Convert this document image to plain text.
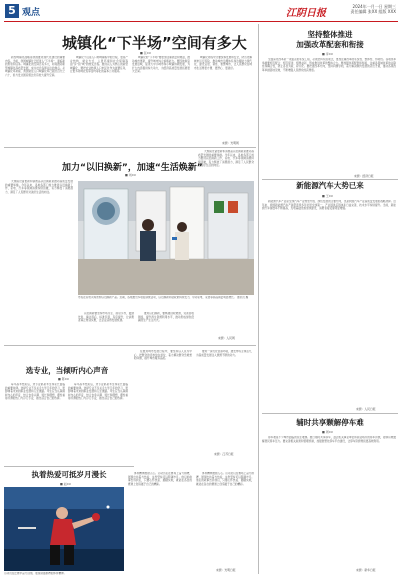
5 观点	江阴日报
2024年一月一日 星期三
责任编辑 张XX 组版 XXX
城镇化“下半场”空间有多大
■ 张XX

新型城镇化战略是我国推进现代化建设的重要内容。当前，我国城镇化已经进入“下半场”，面临新的形势和任务。城镇化的空间还有多大，如何推动新型城镇化高质量发展，成为社会各界关注的焦点。从城镇化率来看，我国常住人口城镇化率已超过百分之六十，但与发达国家相比仍有较大提升空间。

城镇化不仅是人口向城镇集中的过程，更是产业结构、就业方式、人居环境和社会保障等由“乡”到“城”的转变过程。推进以人为核心的新型城镇化，要把农业转移人口市民化作为首要任务，让更多进城农民享受均等化的基本公共服务。

城镇化的“下半场”要更加注重质量和效益，推动城市更新，提升城市综合承载能力。要因地制宜发展县城，促进大中小城市和小城镇协调发展，为扩大内需提供持久动力，为经济高质量发展拓展更大空间。

城镇化进程中还要统筹发展和安全，防范化解城市运行风险，推动城市治理体系和治理能力现代化，建设宜居、韧性、智慧城市，让人民群众在城市生活得更方便、更舒心、更美好。

来源：光明网
坚持整体推进
加强改革配套和衔接
■ 李XX

全面深化改革是一项复杂的系统工程，必须坚持系统观念，更加注重改革的系统性、整体性、协同性。各项改革举措要相互配合、相互促进、相得益彰，形成推进改革的整体合力。要加强改革配套和衔接，注重各领域改革的关联性和耦合性，防止各自为政、碎片化。要把准改革方向，坚持问题导向，着力解决制约发展的突出矛盾，推动各项改革举措落地见效，不断增强人民群众的获得感。

来源：经济日报
新能源汽车大势已来
■ 王XX

新能源汽车产业是全球汽车产业转型升级、绿色发展的主要方向，也是我国汽车产业高质量发展的战略选择。近年来，我国新能源汽车产销量连续多年位居全球第一，产业链供应链体系日益完善，技术水平持续提升。当前，新能源汽车渗透率不断提高，充电基础设施加快建设，消费者接受度明显增强。

来源：人民日报
辅时共享颗解停车难
■ 周XX

停车难是不少城市面临的民生难题。推行错时共享停车，盘活机关事业单位和商业场所的停车资源，能够有效缓解居民停车压力。要完善相关政策和管理机制，加强智慧化停车平台建设，让停车资源得到更高效利用。

来源：新华日报
加力“以旧换新”，加速“生活焕新”
■ 刘XX

大规模设备更新和消费品以旧换新是推动高质量发展的重要举措。今年以来，各地各部门加力推进以旧换新工作，家电、汽车等领域消费持续回暖，有力释放了消费潜力，满足了人民群众对美好生活的向往。

市民在家电卖场选购以旧换新产品。近期，各地推出多项促消费活动，以旧换新补贴政策持续发力，带动家电、家居等商品销量明显增长。 通讯员 摄

以旧换新要坚持市场为主、政府引导，鼓励先进、淘汰落后，标准引领、有序提升，让消费者真正得到实惠，让企业获得发展机遇。

推进以旧换新，要畅通回收渠道，完善回收网络，提升再生资源利用水平，推动形成绿色低碳的生产生活方式。

大规模设备更新和消费品以旧换新是推动高质量发展的重要举措。今年以来，各地各部门加力推进以旧换新工作，家电、汽车等领域消费持续回暖，有力释放了消费潜力，满足了人民群众对美好生活的向往。

来源：人民网
选专业，当倾听内心声音
■ 陈XX

每年高考结束后，选专业都是考生和家长面临的重要抉择。选择专业不仅关乎大学几年的学习，更影响着未来的职业发展和人生道路。考生应当认真倾听内心的声音，结合自身兴趣、特长和理想，理性看待所谓的热门与冷门专业，做出适合自己的选择。

每年高考结束后，选专业都是考生和家长面临的重要抉择。选择专业不仅关乎大学几年的学习，更影响着未来的职业发展和人生道路。考生应当认真倾听内心的声音，结合自身兴趣、特长和理想，理性看待所谓的热门与冷门专业，做出适合自己的选择。

在推进城市发展过程中，要坚持以人民为中心，把群众的需求放在首位，着力解决群众急难愁盼问题，提升城市服务品质。

要进一步优化营商环境，激发市场主体活力，为高质量发展注入源源不断的动力。

来源：江苏日报
执着热爱可抵岁月漫长
■ 赵XX
运动员在比赛中奋力回球，展现顽强拼搏的体育精神。

体育精神激励人心。运动员们在赛场上奋力拼搏，展现出执着与热爱，这份坚持可以跨越岁月。他们的故事告诉我们，只要心怀热爱、脚踏实地，就能在各自的赛道上创造属于自己的精彩。

体育精神激励人心。运动员们在赛场上奋力拼搏，展现出执着与热爱，这份坚持可以跨越岁月。他们的故事告诉我们，只要心怀热爱、脚踏实地，就能在各自的赛道上创造属于自己的精彩。

来源：光明日报
